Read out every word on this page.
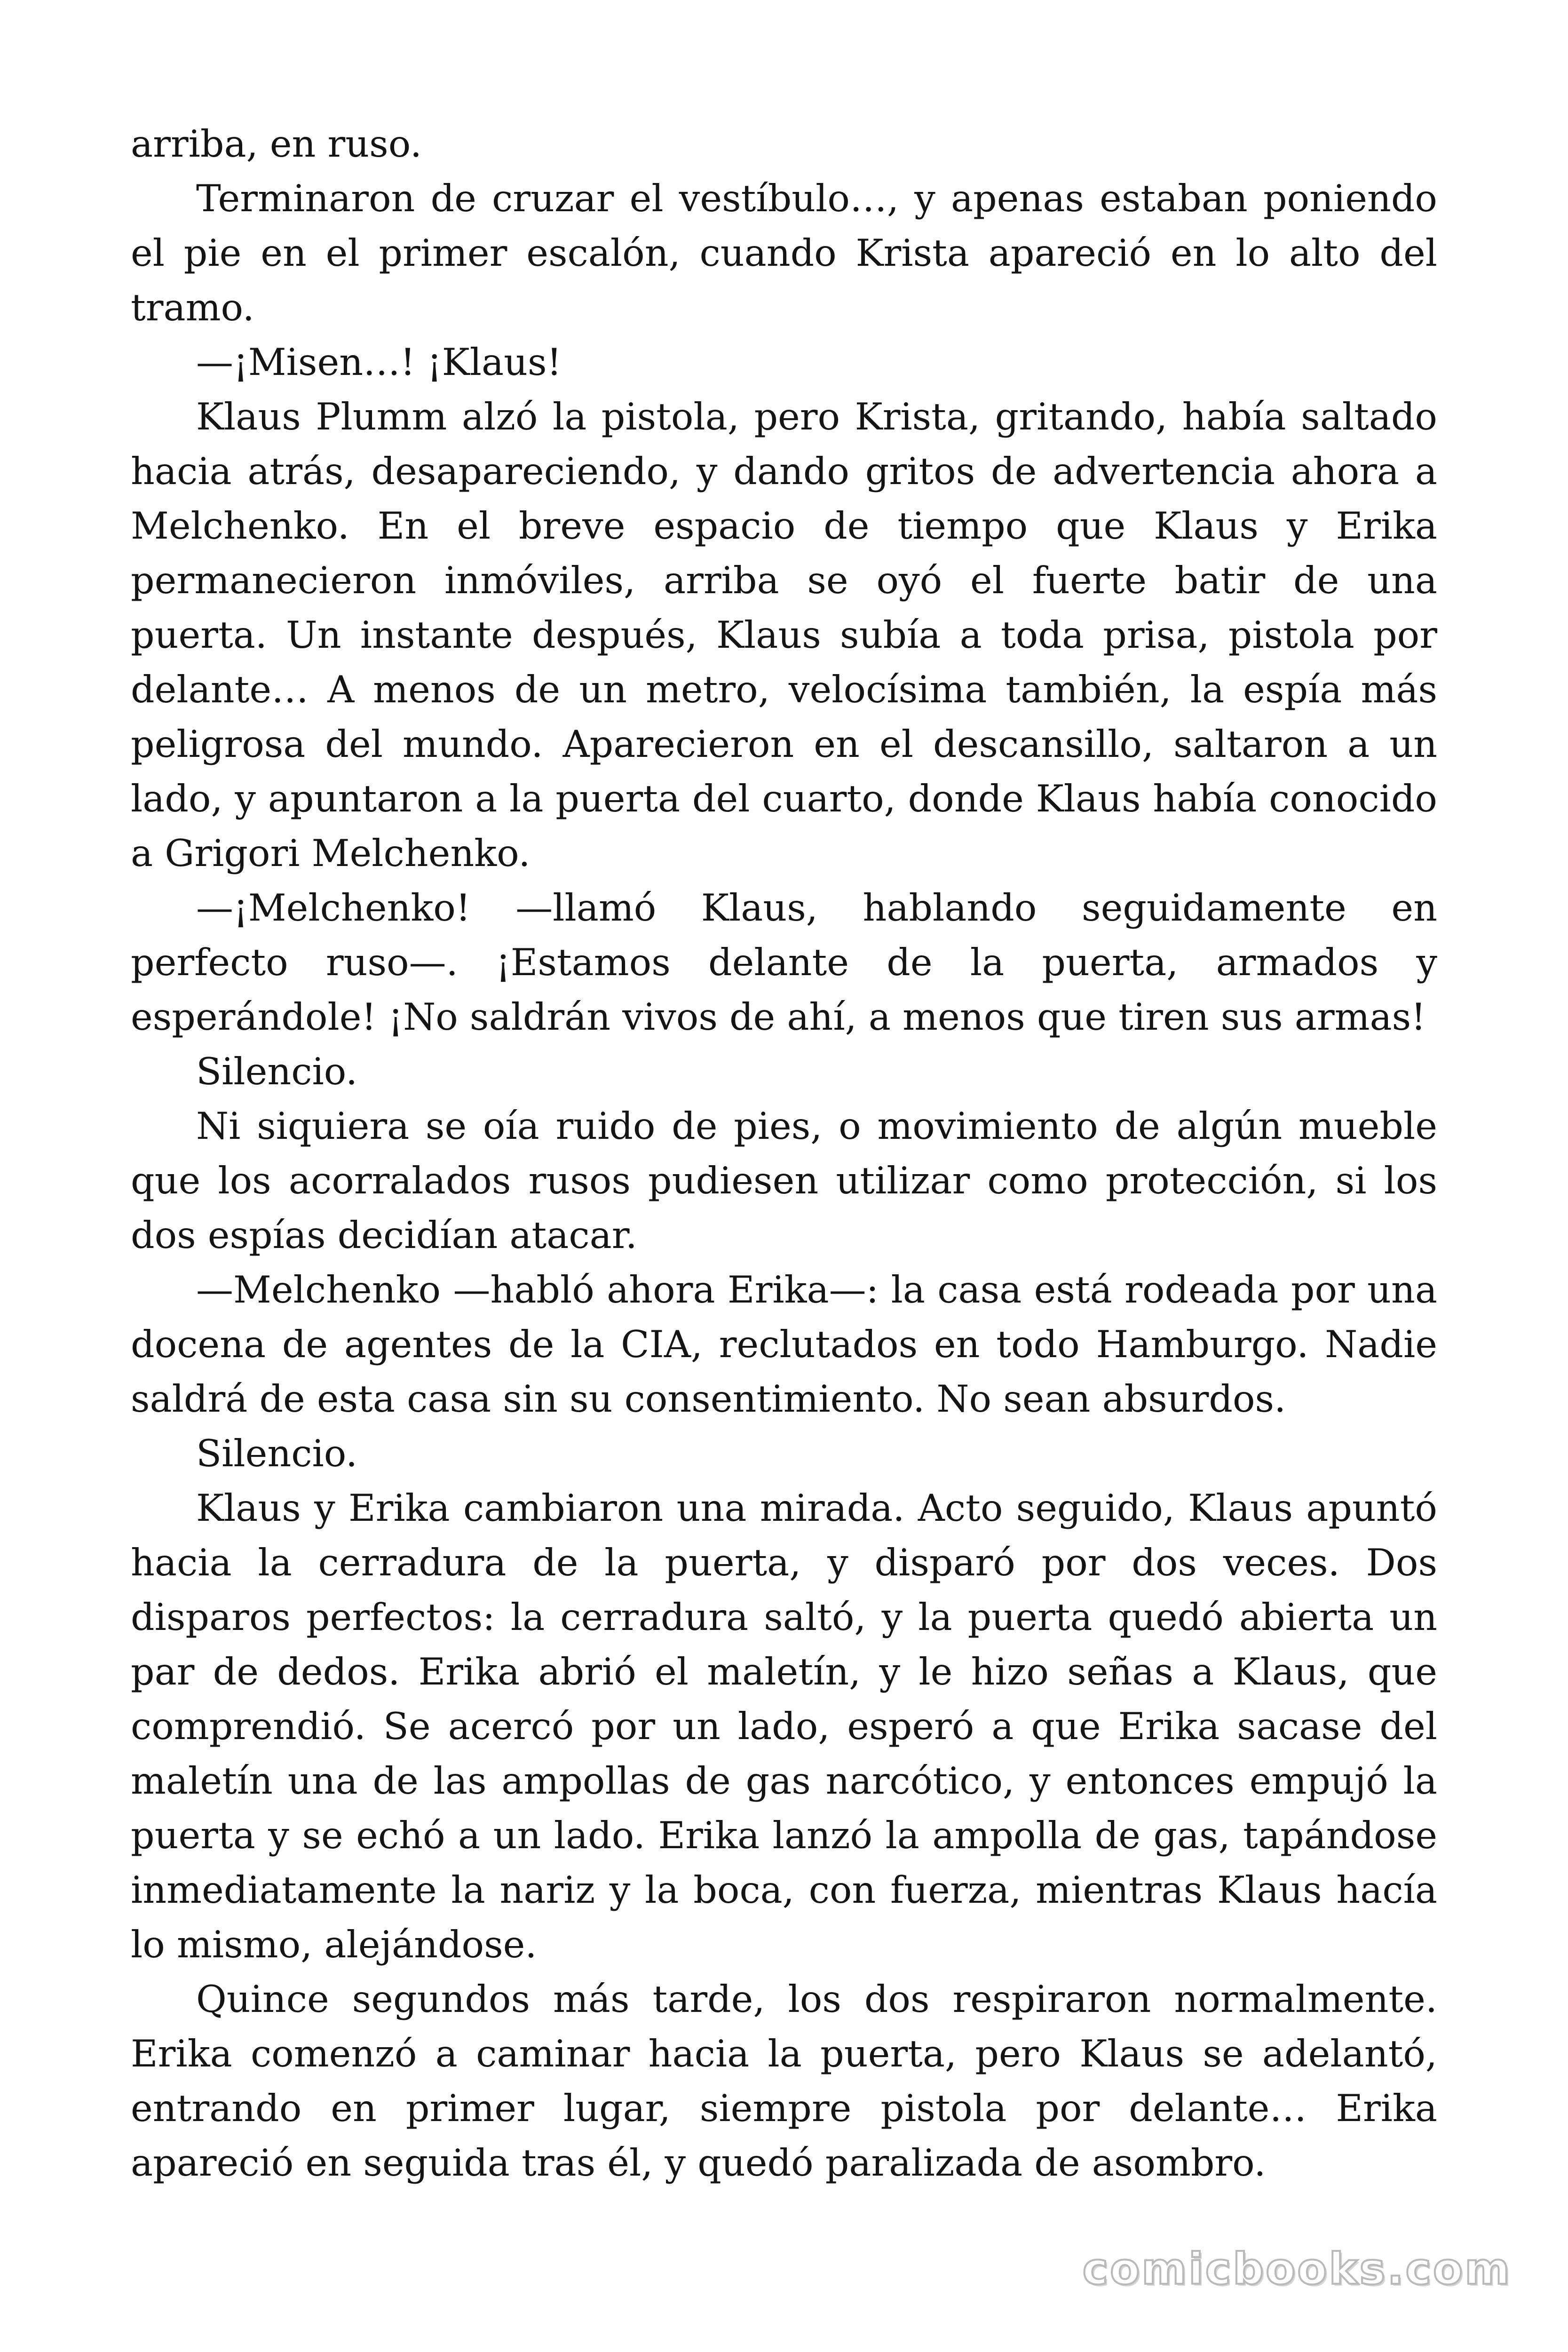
arriba, en ruso.

Terminaron de cruzar el vestíbulo…, y apenas estaban poniendo el pie en el primer escalón, cuando Krista apareció en lo alto del tramo.

—¡Misen…! ¡Klaus!

Klaus Plumm alzó la pistola, pero Krista, gritando, había saltado hacia atrás, desapareciendo, y dando gritos de advertencia ahora a Melchenko. En el breve espacio de tiempo que Klaus y Erika permanecieron inmóviles, arriba se oyó el fuerte batir de una puerta. Un instante después, Klaus subía a toda prisa, pistola por delante… A menos de un metro, velocísima también, la espía más peligrosa del mundo. Aparecieron en el descansillo, saltaron a un lado, y apuntaron a la puerta del cuarto, donde Klaus había conocido a Grigori Melchenko.

—¡Melchenko! —llamó Klaus, hablando seguidamente en perfecto ruso—. ¡Estamos delante de la puerta, armados y esperándole! ¡No saldrán vivos de ahí, a menos que tiren sus armas!

Silencio.

Ni siquiera se oía ruido de pies, o movimiento de algún mueble que los acorralados rusos pudiesen utilizar como protección, si los dos espías decidían atacar.

—Melchenko —habló ahora Erika—: la casa está rodeada por una docena de agentes de la CIA, reclutados en todo Hamburgo. Nadie saldrá de esta casa sin su consentimiento. No sean absurdos.

Silencio.

Klaus y Erika cambiaron una mirada. Acto seguido, Klaus apuntó hacia la cerradura de la puerta, y disparó por dos veces. Dos disparos perfectos: la cerradura saltó, y la puerta quedó abierta un par de dedos. Erika abrió el maletín, y le hizo señas a Klaus, que comprendió. Se acercó por un lado, esperó a que Erika sacase del maletín una de las ampollas de gas narcótico, y entonces empujó la puerta y se echó a un lado. Erika lanzó la ampolla de gas, tapándose inmediatamente la nariz y la boca, con fuerza, mientras Klaus hacía lo mismo, alejándose.

Quince segundos más tarde, los dos respiraron normalmente. Erika comenzó a caminar hacia la puerta, pero Klaus se adelantó, entrando en primer lugar, siempre pistola por delante… Erika apareció en seguida tras él, y quedó paralizada de asombro.

comicbooks.com
